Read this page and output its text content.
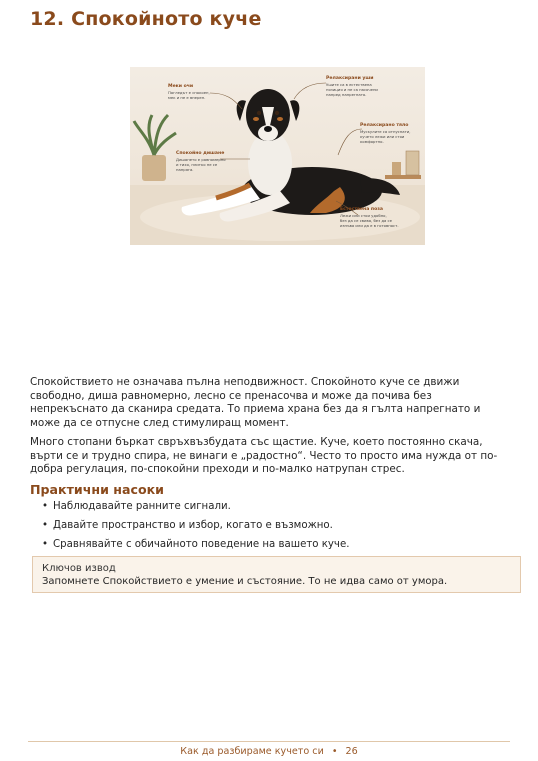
12. Спокойното куче
Меки очи
Погледът е спокоен,
мек и не е вперен.
Релаксирани уши
Ушите са в естествена
позиция и не са насочени
напред напрегнато.
Релаксирано тяло
Мускулите са отпуснати,
кучето лежи или стои
комфортно.
Спокойно дишане
Дишането е равномерно
и тихо, плитко не се
напряга.
Естествена поза
Лежи или стои удобно,
без да се свива, без да се
изпъва или да е в готовност.
Спокойствието не означава пълна неподвижност. Спокойното куче се движи свободно, диша равномерно, лесно се пренасочва и може да почива без непрекъснато да сканира средата. То приема храна без да я гълта напрегнато и може да се отпусне след стимулиращ момент.
Много стопани бъркат свръхвъзбудата със щастие. Куче, което постоянно скача, върти се и трудно спира, не винаги е „радостно“. Често то просто има нужда от по-добра регулация, по-спокойни преходи и по-малко натрупан стрес.
Практични насоки
• Наблюдавайте ранните сигнали.
• Давайте пространство и избор, когато е възможно.
• Сравнявайте с обичайното поведение на вашето куче.
Ключов извод
Запомнете Спокойствието е умение и състояние. То не идва само от умора.
Как да разбираме кучето си • 26
